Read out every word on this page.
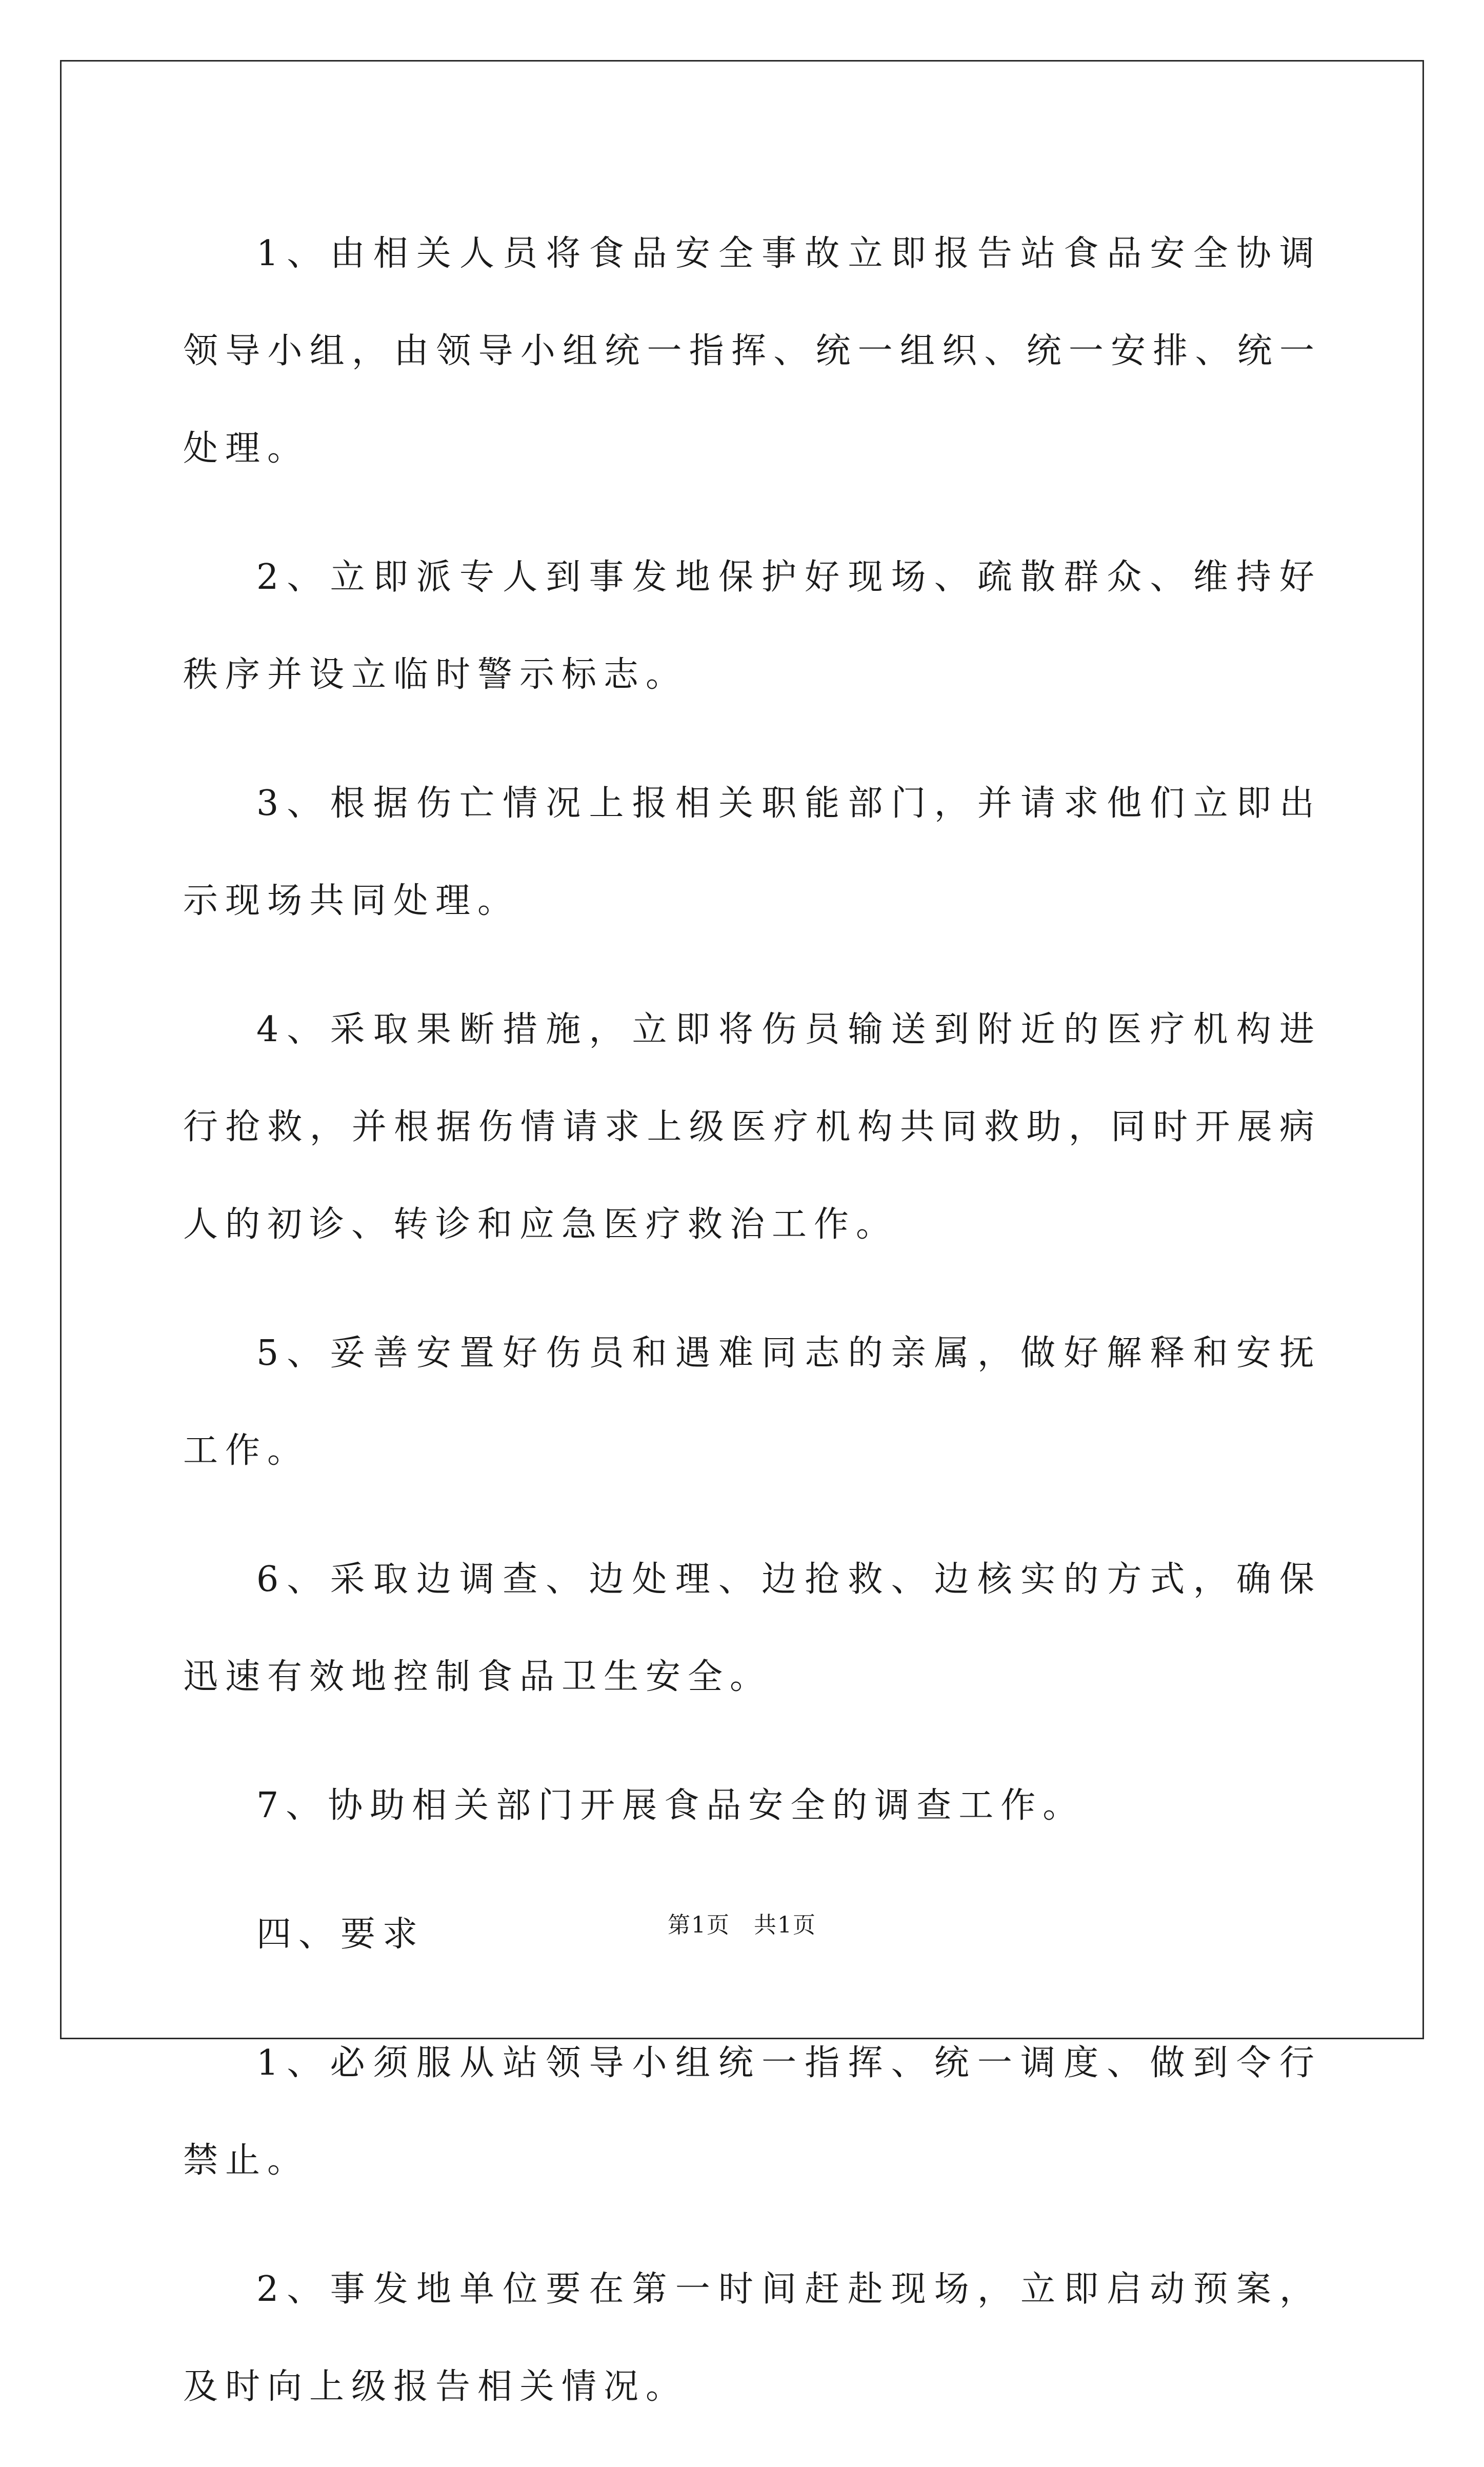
1、由相关人员将食品安全事故立即报告站食品安全协调领导小组，由领导小组统一指挥、统一组织、统一安排、统一处理。

2、立即派专人到事发地保护好现场、疏散群众、维持好秩序并设立临时警示标志。

3、根据伤亡情况上报相关职能部门，并请求他们立即出示现场共同处理。

4、采取果断措施，立即将伤员输送到附近的医疗机构进行抢救，并根据伤情请求上级医疗机构共同救助，同时开展病人的初诊、转诊和应急医疗救治工作。

5、妥善安置好伤员和遇难同志的亲属，做好解释和安抚工作。

6、采取边调查、边处理、边抢救、边核实的方式，确保迅速有效地控制食品卫生安全。

7、协助相关部门开展食品安全的调查工作。

四、要求

1、必须服从站领导小组统一指挥、统一调度、做到令行禁止。

2、事发地单位要在第一时间赶赴现场，立即启动预案，及时向上级报告相关情况。

第1页　共1页
